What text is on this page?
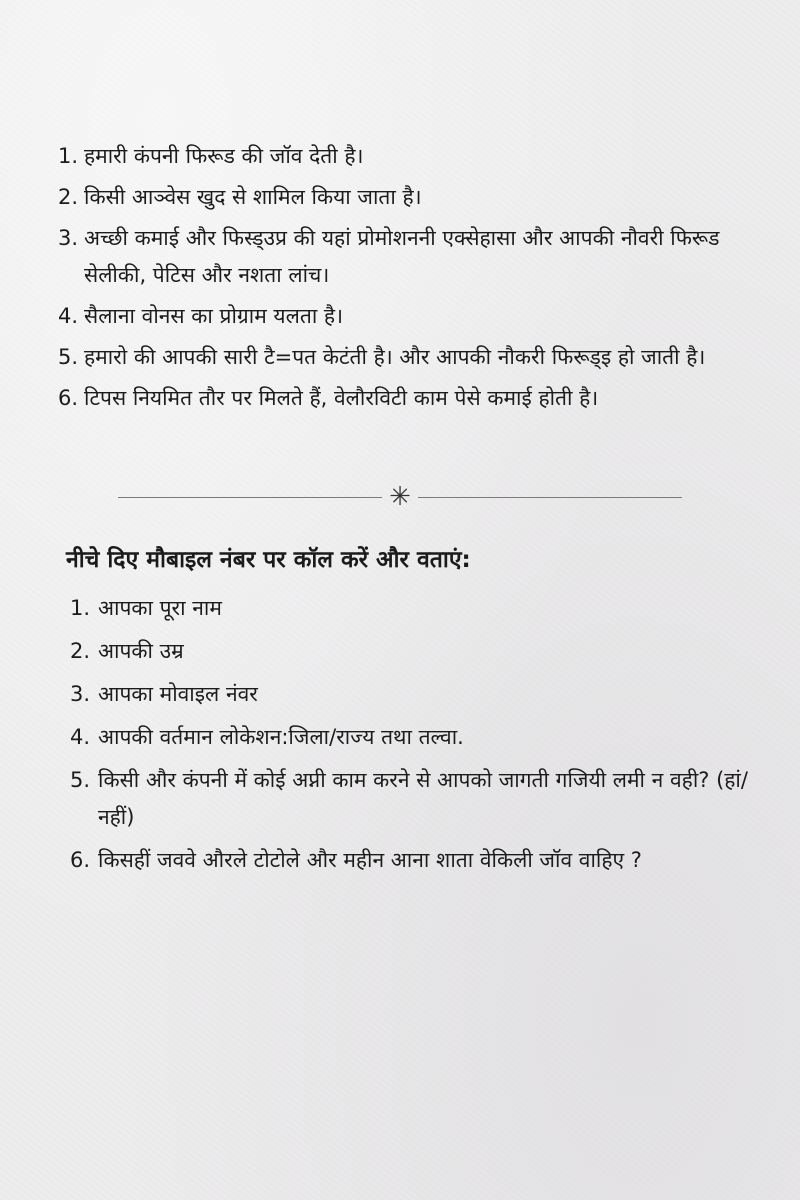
1. हमारी कंपनी फिरूड की जॉव देती है।
2. किसी आञ्वेस खुद से शामिल किया जाता है।
3. अच्छी कमाई और फिस्ड्उप्र की यहां प्रोमोशननी एक्सेहासा और आपकी नौवरी फिरूड सेलीकी, पेटिस और नशता लांच।
4. सैलाना वोनस का प्रोग्राम यलता है।
5. हमारो की आपकी सारी टै=पत केटंती है। और आपकी नौकरी फिरूड्इ हो जाती है।
6. टिपस नियमित तौर पर मिलते हैं, वेलौरविटी काम पेसे कमाई होती है।
✳
नीचे दिए मौबाइल नंबर पर कॉल करें और वताएं:
1. आपका पूरा नाम
2. आपकी उम्र
3. आपका मोवाइल नंवर
4. आपकी वर्तमान लोकेशन:जिला/राज्य तथा तल्वा.
5. किसी और कंपनी में कोई अप्नी काम करने से आपको जागती गजियी लमी न वही? (हां/नहीं)
6. किसहीं जववे औरले टोटोले और महीन आना शाता वेकिली जॉव वाहिए ?
